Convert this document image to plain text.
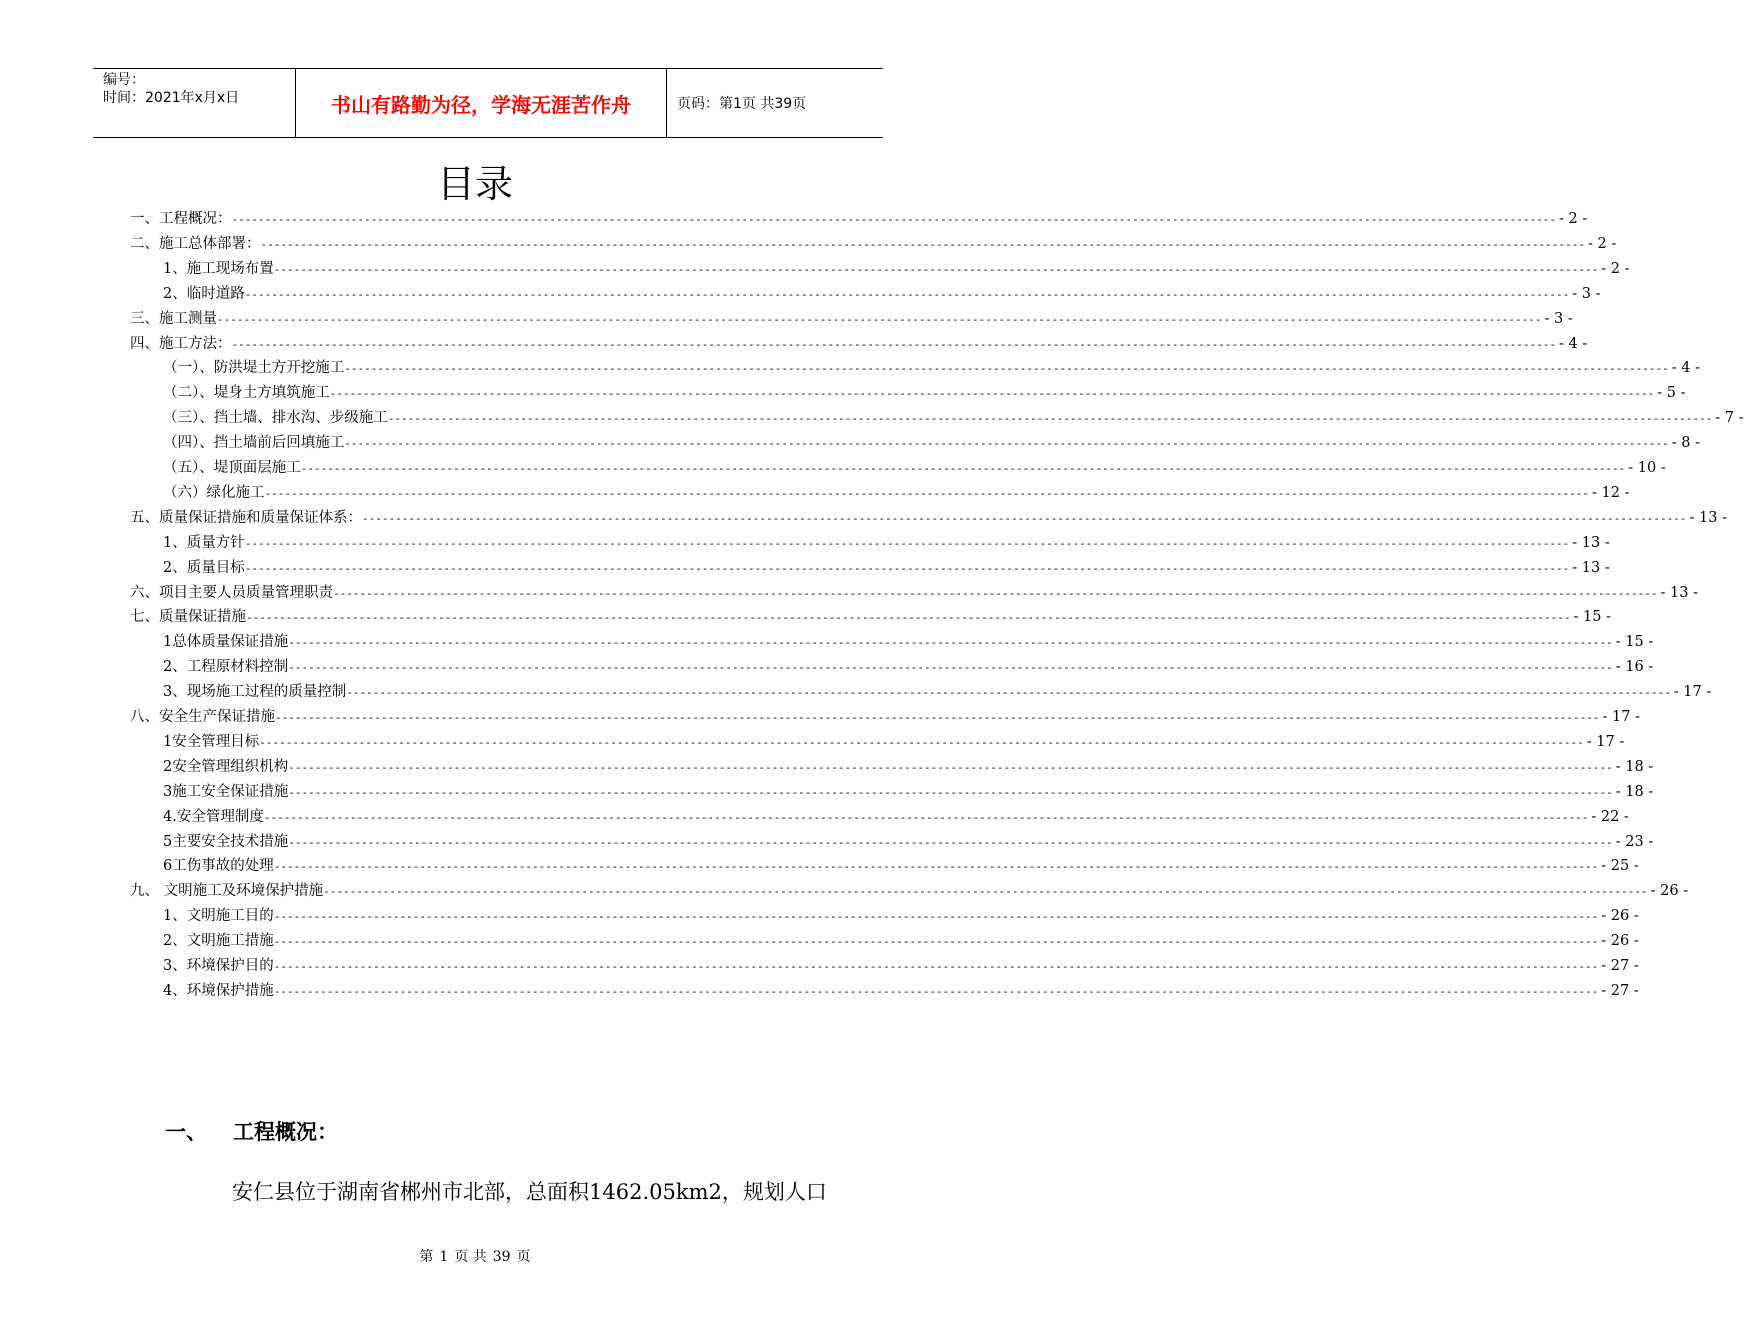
编号：
时间：2021年x月x日	书山有路勤为径，学海无涯苦作舟	页码：第1页 共39页
目录
一、工程概况： -------------------------------------------------------------------------------------------------------------------------------------------------------------------------------------------------------- - 2 -
二、施工总体部署： -------------------------------------------------------------------------------------------------------------------------------------------------------------------------------------------------------- - 2 -
1、施工现场布置 -------------------------------------------------------------------------------------------------------------------------------------------------------------------------------------------------------- - 2 -
2、临时道路 -------------------------------------------------------------------------------------------------------------------------------------------------------------------------------------------------------- - 3 -
三、施工测量 -------------------------------------------------------------------------------------------------------------------------------------------------------------------------------------------------------- - 3 -
四、施工方法： -------------------------------------------------------------------------------------------------------------------------------------------------------------------------------------------------------- - 4 -
（一）、防洪堤土方开挖施工 -------------------------------------------------------------------------------------------------------------------------------------------------------------------------------------------------------- - 4 -
（二）、堤身土方填筑施工 -------------------------------------------------------------------------------------------------------------------------------------------------------------------------------------------------------- - 5 -
（三）、挡土墙、排水沟、步级施工 -------------------------------------------------------------------------------------------------------------------------------------------------------------------------------------------------------- - 7 -
（四）、挡土墙前后回填施工 -------------------------------------------------------------------------------------------------------------------------------------------------------------------------------------------------------- - 8 -
（五）、堤顶面层施工 -------------------------------------------------------------------------------------------------------------------------------------------------------------------------------------------------------- - 10 -
（六）绿化施工 -------------------------------------------------------------------------------------------------------------------------------------------------------------------------------------------------------- - 12 -
五、质量保证措施和质量保证体系： -------------------------------------------------------------------------------------------------------------------------------------------------------------------------------------------------------- - 13 -
1、质量方针 -------------------------------------------------------------------------------------------------------------------------------------------------------------------------------------------------------- - 13 -
2、质量目标 -------------------------------------------------------------------------------------------------------------------------------------------------------------------------------------------------------- - 13 -
六、项目主要人员质量管理职责 -------------------------------------------------------------------------------------------------------------------------------------------------------------------------------------------------------- - 13 -
七、质量保证措施 -------------------------------------------------------------------------------------------------------------------------------------------------------------------------------------------------------- - 15 -
1总体质量保证措施 -------------------------------------------------------------------------------------------------------------------------------------------------------------------------------------------------------- - 15 -
2、工程原材料控制 -------------------------------------------------------------------------------------------------------------------------------------------------------------------------------------------------------- - 16 -
3、现场施工过程的质量控制 -------------------------------------------------------------------------------------------------------------------------------------------------------------------------------------------------------- - 17 -
八、安全生产保证措施 -------------------------------------------------------------------------------------------------------------------------------------------------------------------------------------------------------- - 17 -
1安全管理目标 -------------------------------------------------------------------------------------------------------------------------------------------------------------------------------------------------------- - 17 -
2安全管理组织机构 -------------------------------------------------------------------------------------------------------------------------------------------------------------------------------------------------------- - 18 -
3施工安全保证措施 -------------------------------------------------------------------------------------------------------------------------------------------------------------------------------------------------------- - 18 -
4.安全管理制度 -------------------------------------------------------------------------------------------------------------------------------------------------------------------------------------------------------- - 22 -
5主要安全技术措施 -------------------------------------------------------------------------------------------------------------------------------------------------------------------------------------------------------- - 23 -
6工伤事故的处理 -------------------------------------------------------------------------------------------------------------------------------------------------------------------------------------------------------- - 25 -
九、 文明施工及环境保护措施 -------------------------------------------------------------------------------------------------------------------------------------------------------------------------------------------------------- - 26 -
1、文明施工目的 -------------------------------------------------------------------------------------------------------------------------------------------------------------------------------------------------------- - 26 -
2、文明施工措施 -------------------------------------------------------------------------------------------------------------------------------------------------------------------------------------------------------- - 26 -
3、环境保护目的 -------------------------------------------------------------------------------------------------------------------------------------------------------------------------------------------------------- - 27 -
4、环境保护措施 -------------------------------------------------------------------------------------------------------------------------------------------------------------------------------------------------------- - 27 -
一、 工程概况：
安仁县位于湖南省郴州市北部，总面积1462.05km2，规划人口
第 1 页 共 39 页
